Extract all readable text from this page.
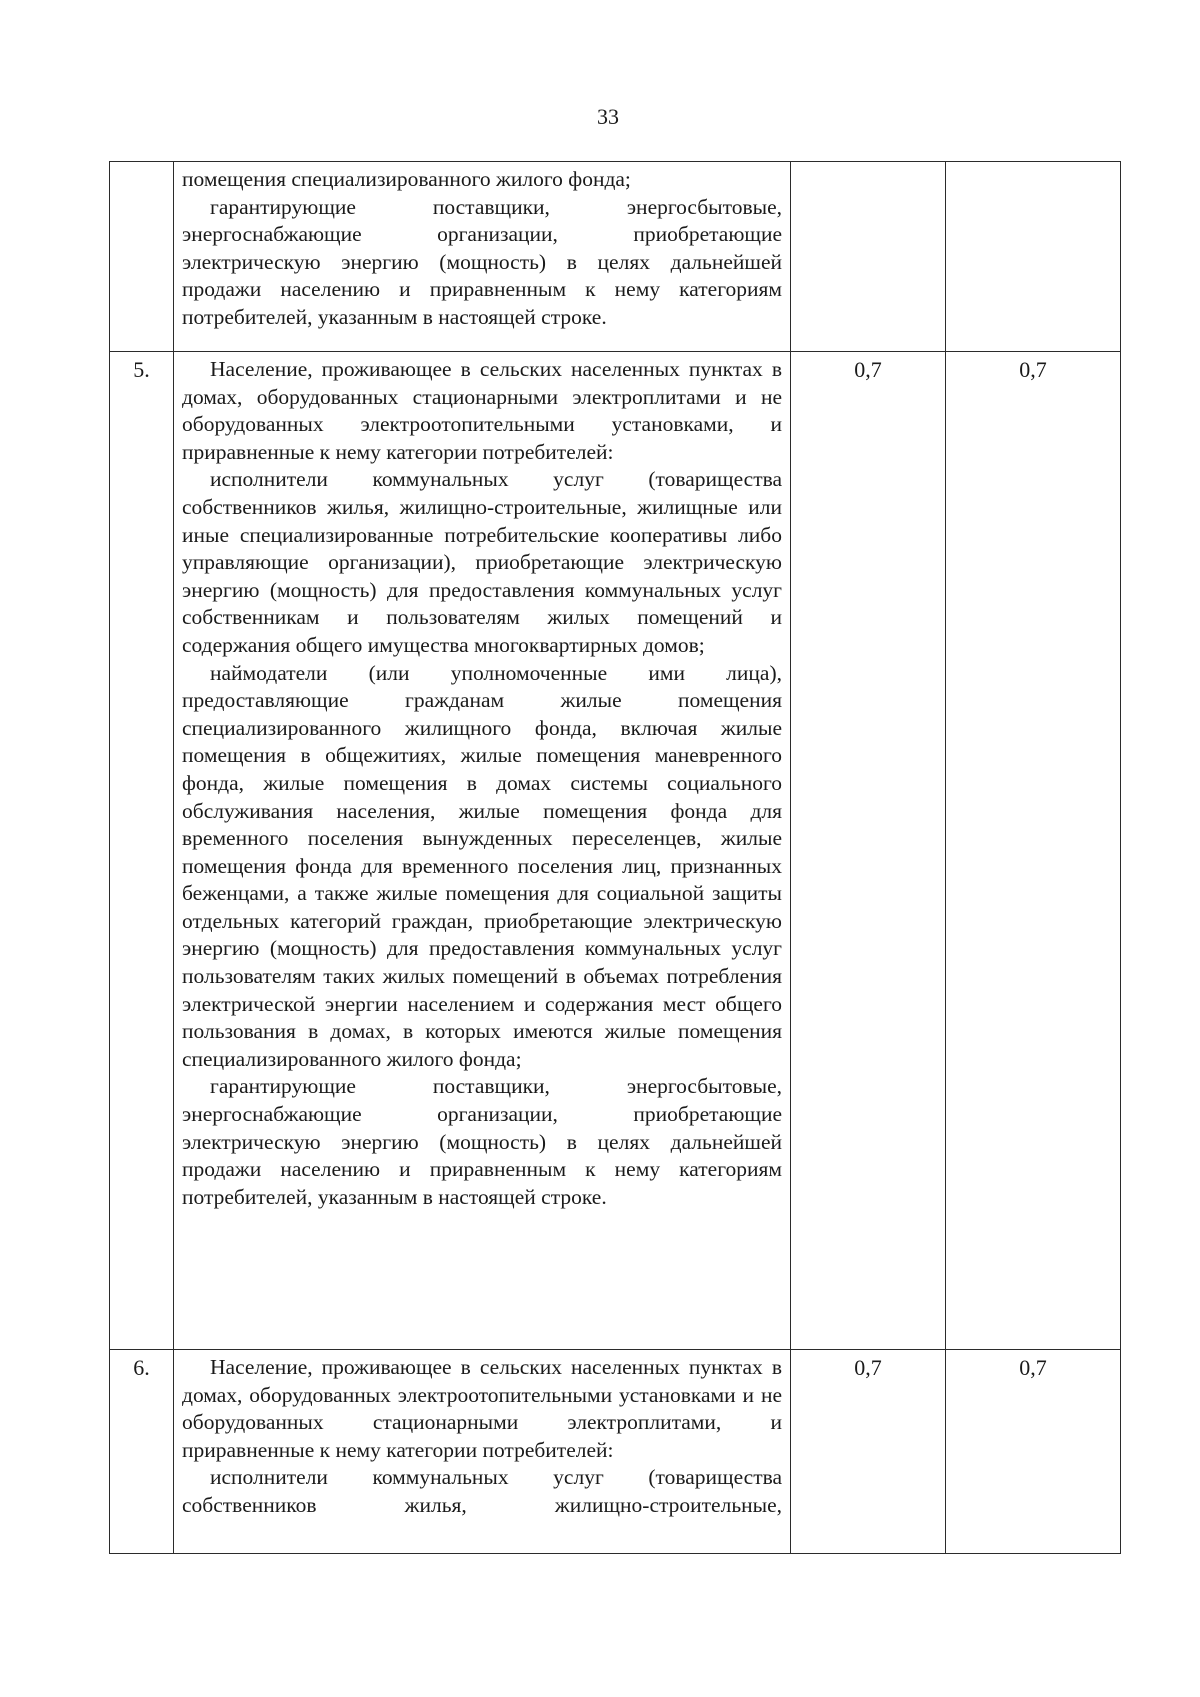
33

	помещения специализированного жилого фонда;

гарантирующие поставщики, энергосбытовые, энергоснабжающие организации, приобретающие электрическую энергию (мощность) в целях дальнейшей продажи населению и приравненным к нему категориям потребителей, указанным в настоящей строке.		

5.	Население, проживающее в сельских населенных пунктах в домах, оборудованных стационарными электроплитами и не оборудованных электроотопительными установками, и приравненные к нему категории потребителей:

исполнители коммунальных услуг (товарищества собственников жилья, жилищно-строительные, жилищные или иные специализированные потребительские кооперативы либо управляющие организации), приобретающие электрическую энергию (мощность) для предоставления коммунальных услуг собственникам и пользователям жилых помещений и содержания общего имущества многоквартирных домов;

наймодатели (или уполномоченные ими лица), предоставляющие гражданам жилые помещения специализированного жилищного фонда, включая жилые помещения в общежитиях, жилые помещения маневренного фонда, жилые помещения в домах системы социального обслуживания населения, жилые помещения фонда для временного поселения вынужденных переселенцев, жилые помещения фонда для временного поселения лиц, признанных беженцами, а также жилые помещения для социальной защиты отдельных категорий граждан, приобретающие электрическую энергию (мощность) для предоставления коммунальных услуг пользователям таких жилых помещений в объемах потребления электрической энергии населением и содержания мест общего пользования в домах, в которых имеются жилые помещения специализированного жилого фонда;

гарантирующие поставщики, энергосбытовые, энергоснабжающие организации, приобретающие электрическую энергию (мощность) в целях дальнейшей продажи населению и приравненным к нему категориям потребителей, указанным в настоящей строке.	0,7	0,7
6.	Население, проживающее в сельских населенных пунктах в домах, оборудованных электроотопительными установками и не оборудованных стационарными электроплитами, и приравненные к нему категории потребителей:

исполнители коммунальных услуг (товарищества собственников жилья, жилищно-строительные,	0,7	0,7
